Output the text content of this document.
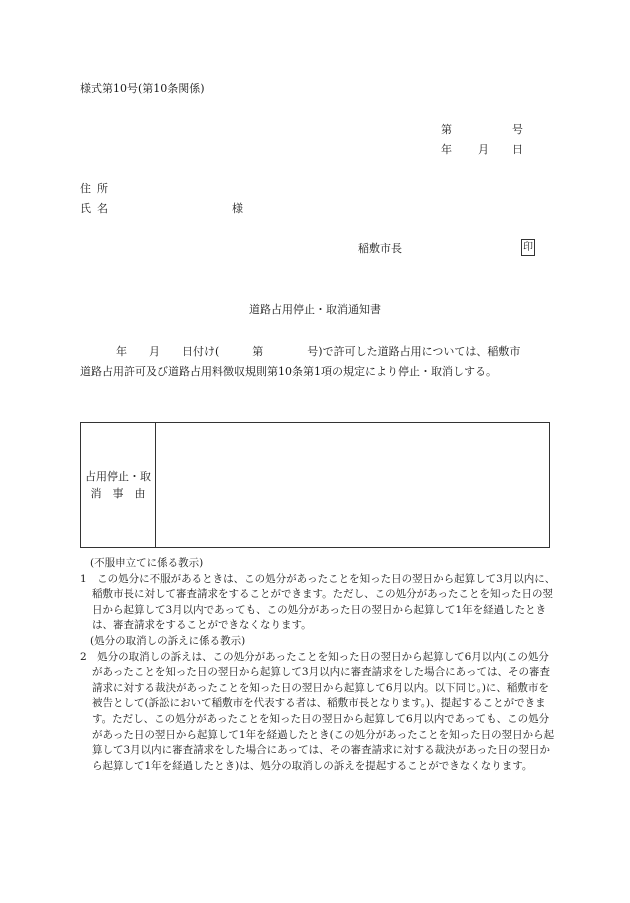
様式第10号(第10条関係)
第	号
年 月 日
住所
氏名	様
稲敷市長	印
道路占用停止・取消通知書
年　　月　　日付け(　　　第　　　　号)で許可した道路占用については、稲敷市
道路占用許可及び道路占用料徴収規則第10条第1項の規定により停止・取消しする。
占用停止・取
消　事　由

(不服申立てに係る教示)

1　この処分に不服があるときは、この処分があったことを知った日の翌日から起算して3月以内に、稲敷市長に対して審査請求をすることができます。ただし、この処分があったことを知った日の翌日から起算して3月以内であっても、この処分があった日の翌日から起算して1年を経過したときは、審査請求をすることができなくなります。

(処分の取消しの訴えに係る教示)

2　処分の取消しの訴えは、この処分があったことを知った日の翌日から起算して6月以内(この処分があったことを知った日の翌日から起算して3月以内に審査請求をした場合にあっては、その審査請求に対する裁決があったことを知った日の翌日から起算して6月以内。以下同じ。)に、稲敷市を被告として(訴訟において稲敷市を代表する者は、稲敷市長となります。)、提起することができます。ただし、この処分があったことを知った日の翌日から起算して6月以内であっても、この処分があった日の翌日から起算して1年を経過したとき(この処分があったことを知った日の翌日から起算して3月以内に審査請求をした場合にあっては、その審査請求に対する裁決があった日の翌日から起算して1年を経過したとき)は、処分の取消しの訴えを提起することができなくなります。
